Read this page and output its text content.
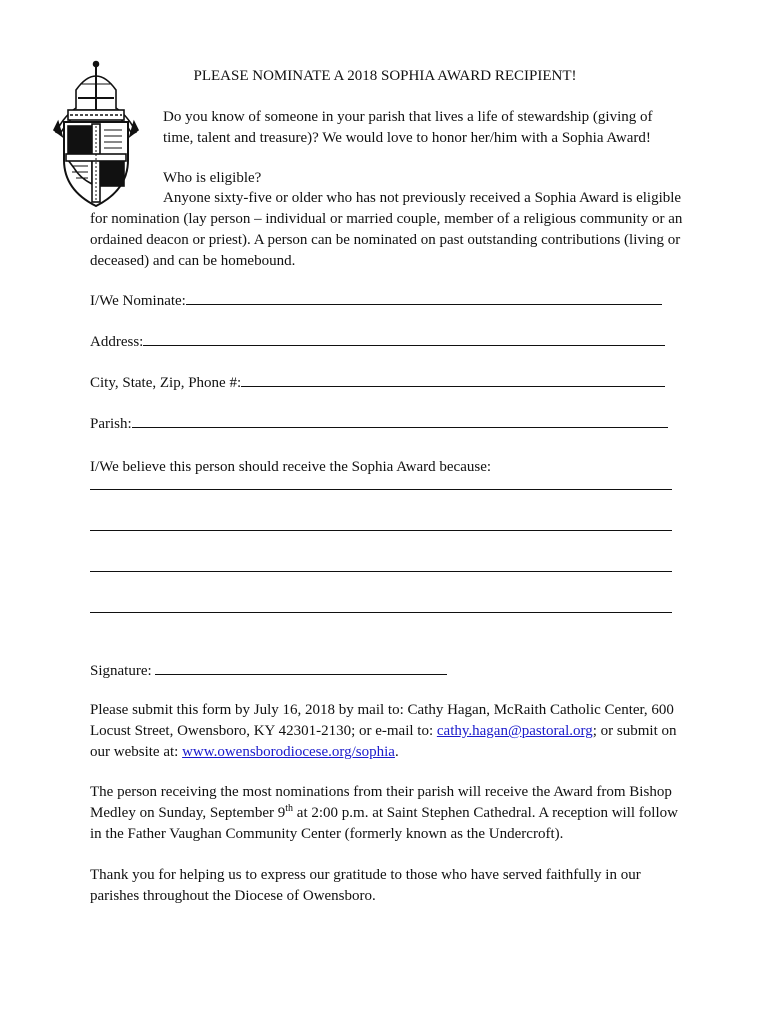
PLEASE NOMINATE A 2018 SOPHIA AWARD RECIPIENT!

Do you know of someone in your parish that lives a life of stewardship (giving of time, talent and treasure)? We would love to honor her/him with a Sophia Award!

Who is eligible?

Anyone sixty-five or older who has not previously received a Sophia Award is eligible for nomination (lay person – individual or married couple, member of a religious community or an ordained deacon or priest). A person can be nominated on past outstanding contributions (living or deceased) and can be homebound.

I/We Nominate:

Address:

City, State, Zip, Phone #:

Parish:

I/We believe this person should receive the Sophia Award because:

Signature:

Please submit this form by July 16, 2018 by mail to: Cathy Hagan, McRaith Catholic Center, 600 Locust Street, Owensboro, KY 42301-2130; or e-mail to: cathy.hagan@pastoral.org; or submit on our website at: www.owensborodiocese.org/sophia.

The person receiving the most nominations from their parish will receive the Award from Bishop Medley on Sunday, September 9th at 2:00 p.m. at Saint Stephen Cathedral. A reception will follow in the Father Vaughan Community Center (formerly known as the Undercroft).

Thank you for helping us to express our gratitude to those who have served faithfully in our parishes throughout the Diocese of Owensboro.
